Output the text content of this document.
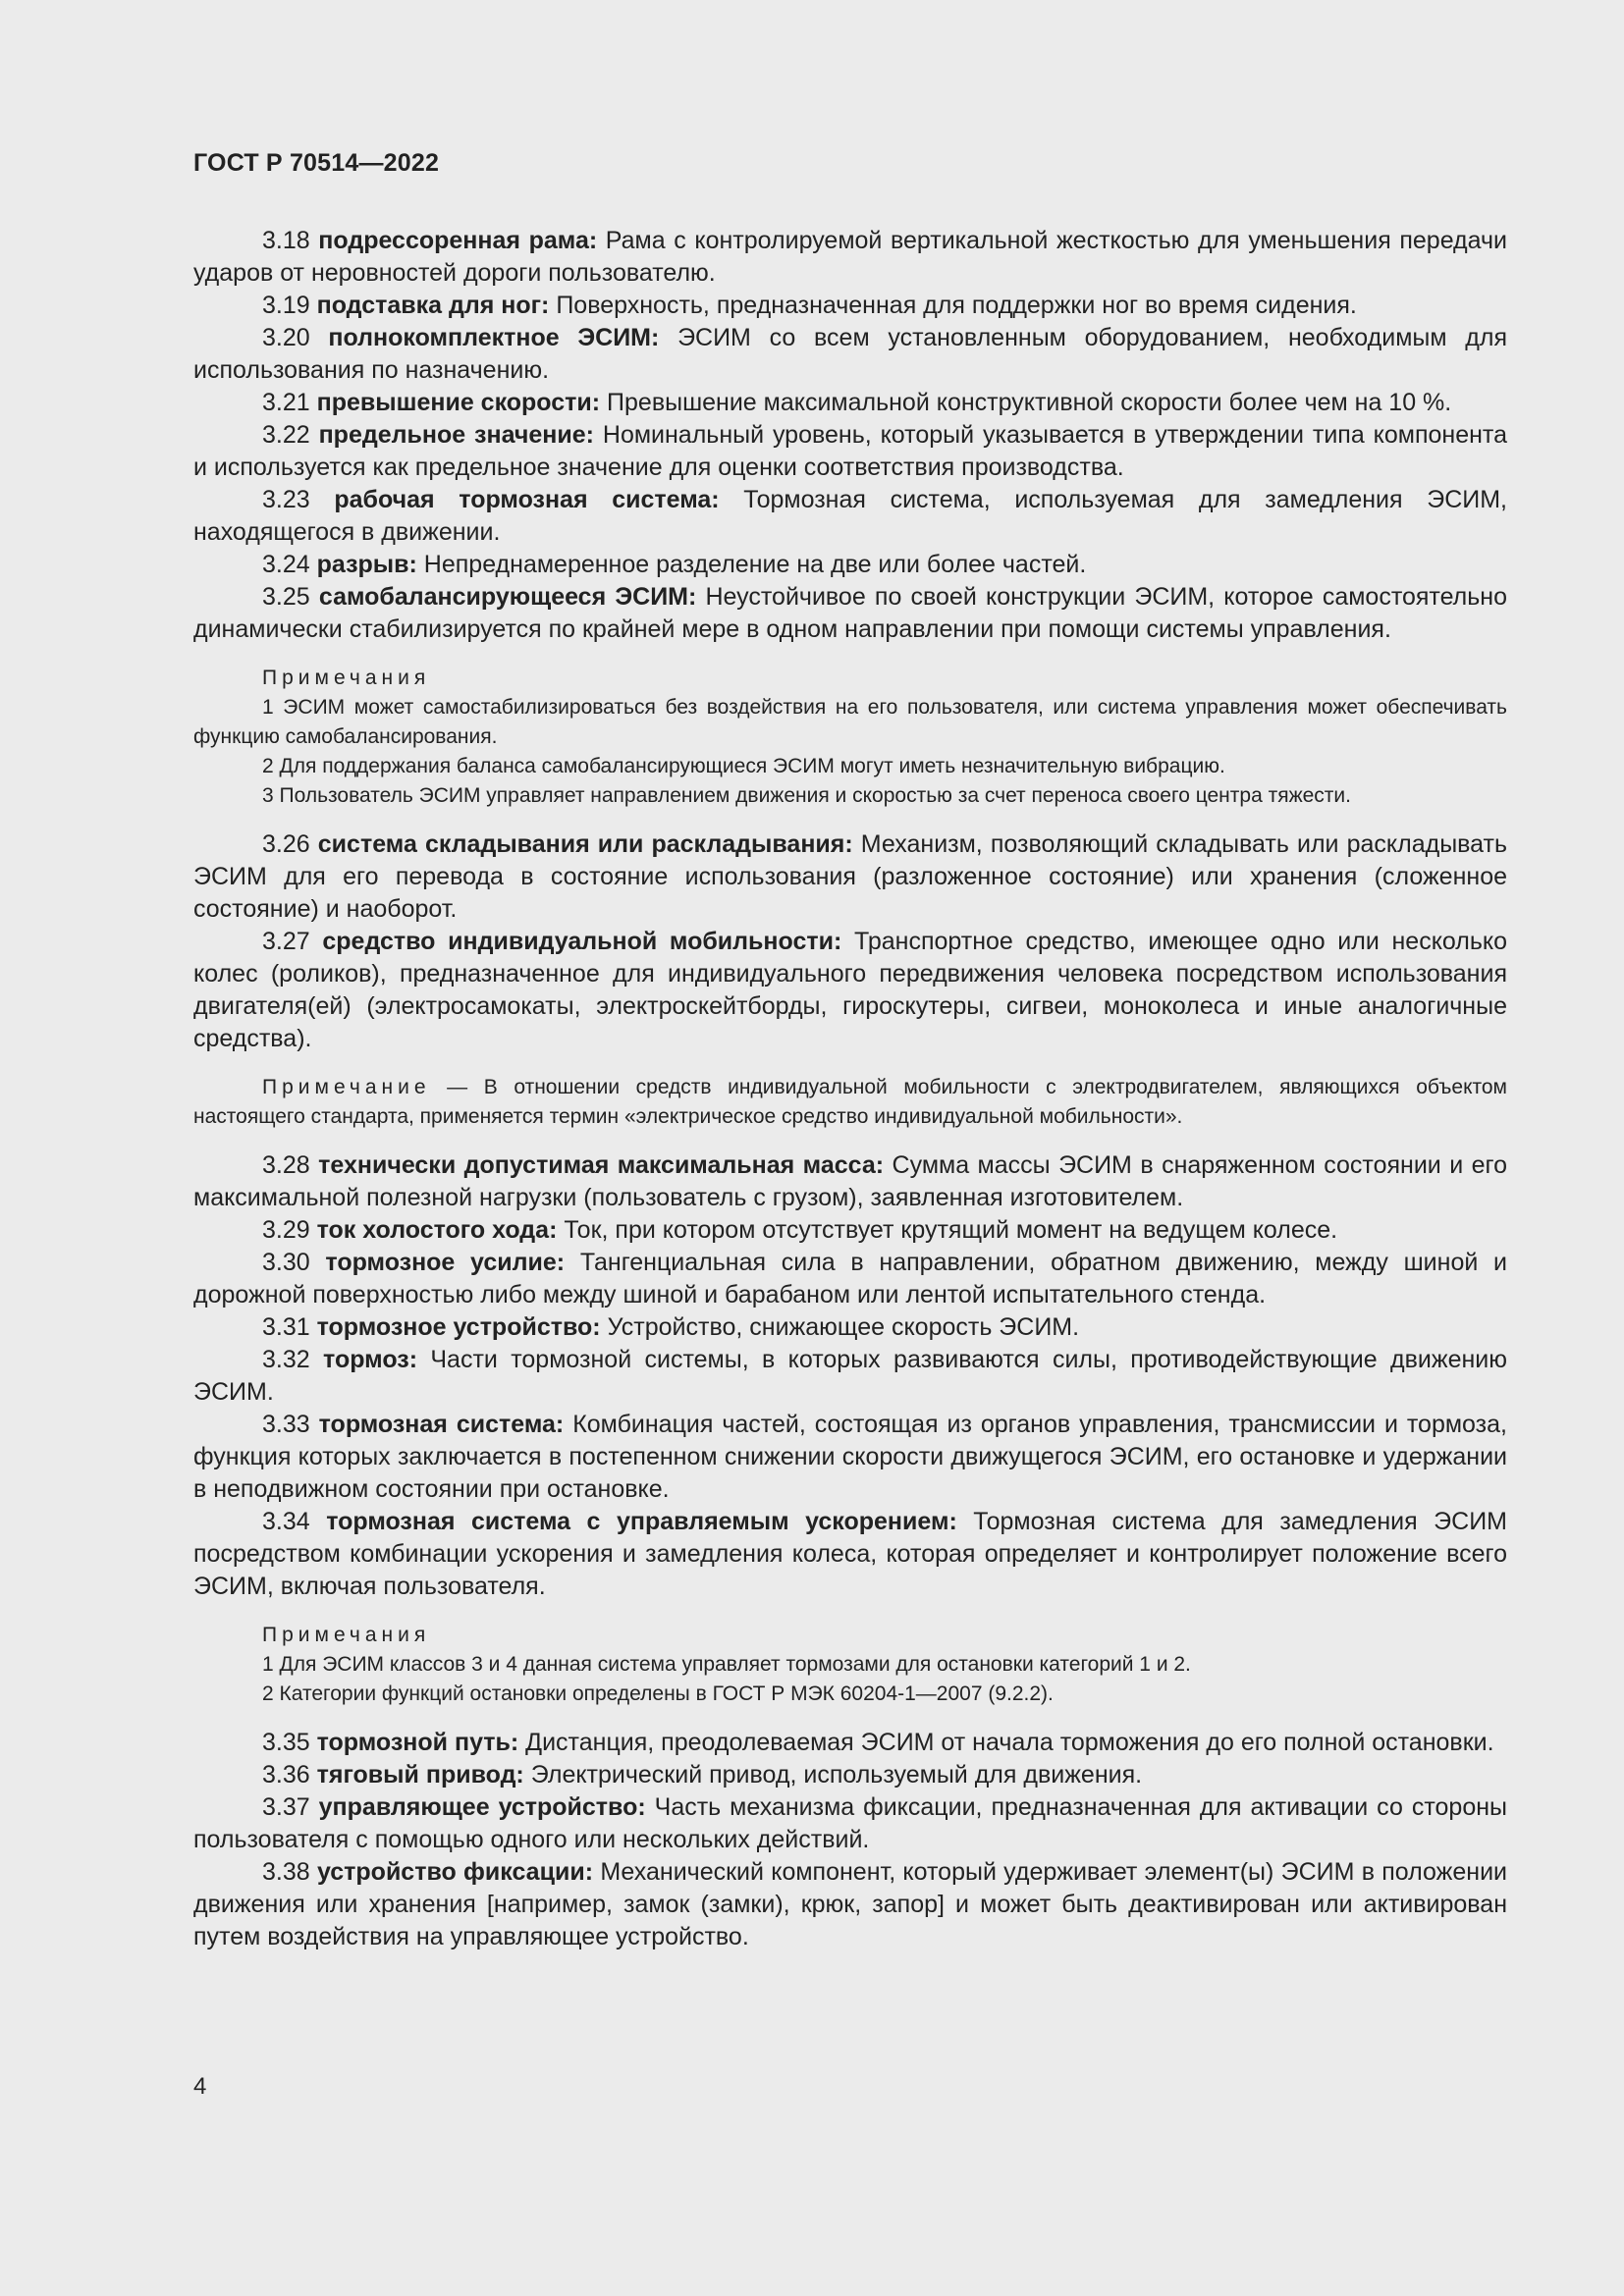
ГОСТ Р 70514—2022

3.18 подрессоренная рама: Рама с контролируемой вертикальной жесткостью для уменьшения передачи ударов от неровностей дороги пользователю.

3.19 подставка для ног: Поверхность, предназначенная для поддержки ног во время сидения.

3.20 полнокомплектное ЭСИМ: ЭСИМ со всем установленным оборудованием, необходимым для использования по назначению.

3.21 превышение скорости: Превышение максимальной конструктивной скорости более чем на 10 %.

3.22 предельное значение: Номинальный уровень, который указывается в утверждении типа компонента и используется как предельное значение для оценки соответствия производства.

3.23 рабочая тормозная система: Тормозная система, используемая для замедления ЭСИМ, находящегося в движении.

3.24 разрыв: Непреднамеренное разделение на две или более частей.

3.25 самобалансирующееся ЭСИМ: Неустойчивое по своей конструкции ЭСИМ, которое самостоятельно динамически стабилизируется по крайней мере в одном направлении при помощи системы управления.

Примечания

1 ЭСИМ может самостабилизироваться без воздействия на его пользователя, или система управления может обеспечивать функцию самобалансирования.

2 Для поддержания баланса самобалансирующиеся ЭСИМ могут иметь незначительную вибрацию.

3 Пользователь ЭСИМ управляет направлением движения и скоростью за счет переноса своего центра тяжести.

3.26 система складывания или раскладывания: Механизм, позволяющий складывать или раскладывать ЭСИМ для его перевода в состояние использования (разложенное состояние) или хранения (сложенное состояние) и наоборот.

3.27 средство индивидуальной мобильности: Транспортное средство, имеющее одно или несколько колес (роликов), предназначенное для индивидуального передвижения человека посредством использования двигателя(ей) (электросамокаты, электроскейтборды, гироскутеры, сигвеи, моноколеса и иные аналогичные средства).

Примечание — В отношении средств индивидуальной мобильности с электродвигателем, являющихся объектом настоящего стандарта, применяется термин «электрическое средство индивидуальной мобильности».

3.28 технически допустимая максимальная масса: Сумма массы ЭСИМ в снаряженном состоянии и его максимальной полезной нагрузки (пользователь с грузом), заявленная изготовителем.

3.29 ток холостого хода: Ток, при котором отсутствует крутящий момент на ведущем колесе.

3.30 тормозное усилие: Тангенциальная сила в направлении, обратном движению, между шиной и дорожной поверхностью либо между шиной и барабаном или лентой испытательного стенда.

3.31 тормозное устройство: Устройство, снижающее скорость ЭСИМ.

3.32 тормоз: Части тормозной системы, в которых развиваются силы, противодействующие движению ЭСИМ.

3.33 тормозная система: Комбинация частей, состоящая из органов управления, трансмиссии и тормоза, функция которых заключается в постепенном снижении скорости движущегося ЭСИМ, его остановке и удержании в неподвижном состоянии при остановке.

3.34 тормозная система с управляемым ускорением: Тормозная система для замедления ЭСИМ посредством комбинации ускорения и замедления колеса, которая определяет и контролирует положение всего ЭСИМ, включая пользователя.

Примечания

1 Для ЭСИМ классов 3 и 4 данная система управляет тормозами для остановки категорий 1 и 2.

2 Категории функций остановки определены в ГОСТ Р МЭК 60204-1—2007 (9.2.2).

3.35 тормозной путь: Дистанция, преодолеваемая ЭСИМ от начала торможения до его полной остановки.

3.36 тяговый привод: Электрический привод, используемый для движения.

3.37 управляющее устройство: Часть механизма фиксации, предназначенная для активации со стороны пользователя с помощью одного или нескольких действий.

3.38 устройство фиксации: Механический компонент, который удерживает элемент(ы) ЭСИМ в положении движения или хранения [например, замок (замки), крюк, запор] и может быть деактивирован или активирован путем воздействия на управляющее устройство.

4
